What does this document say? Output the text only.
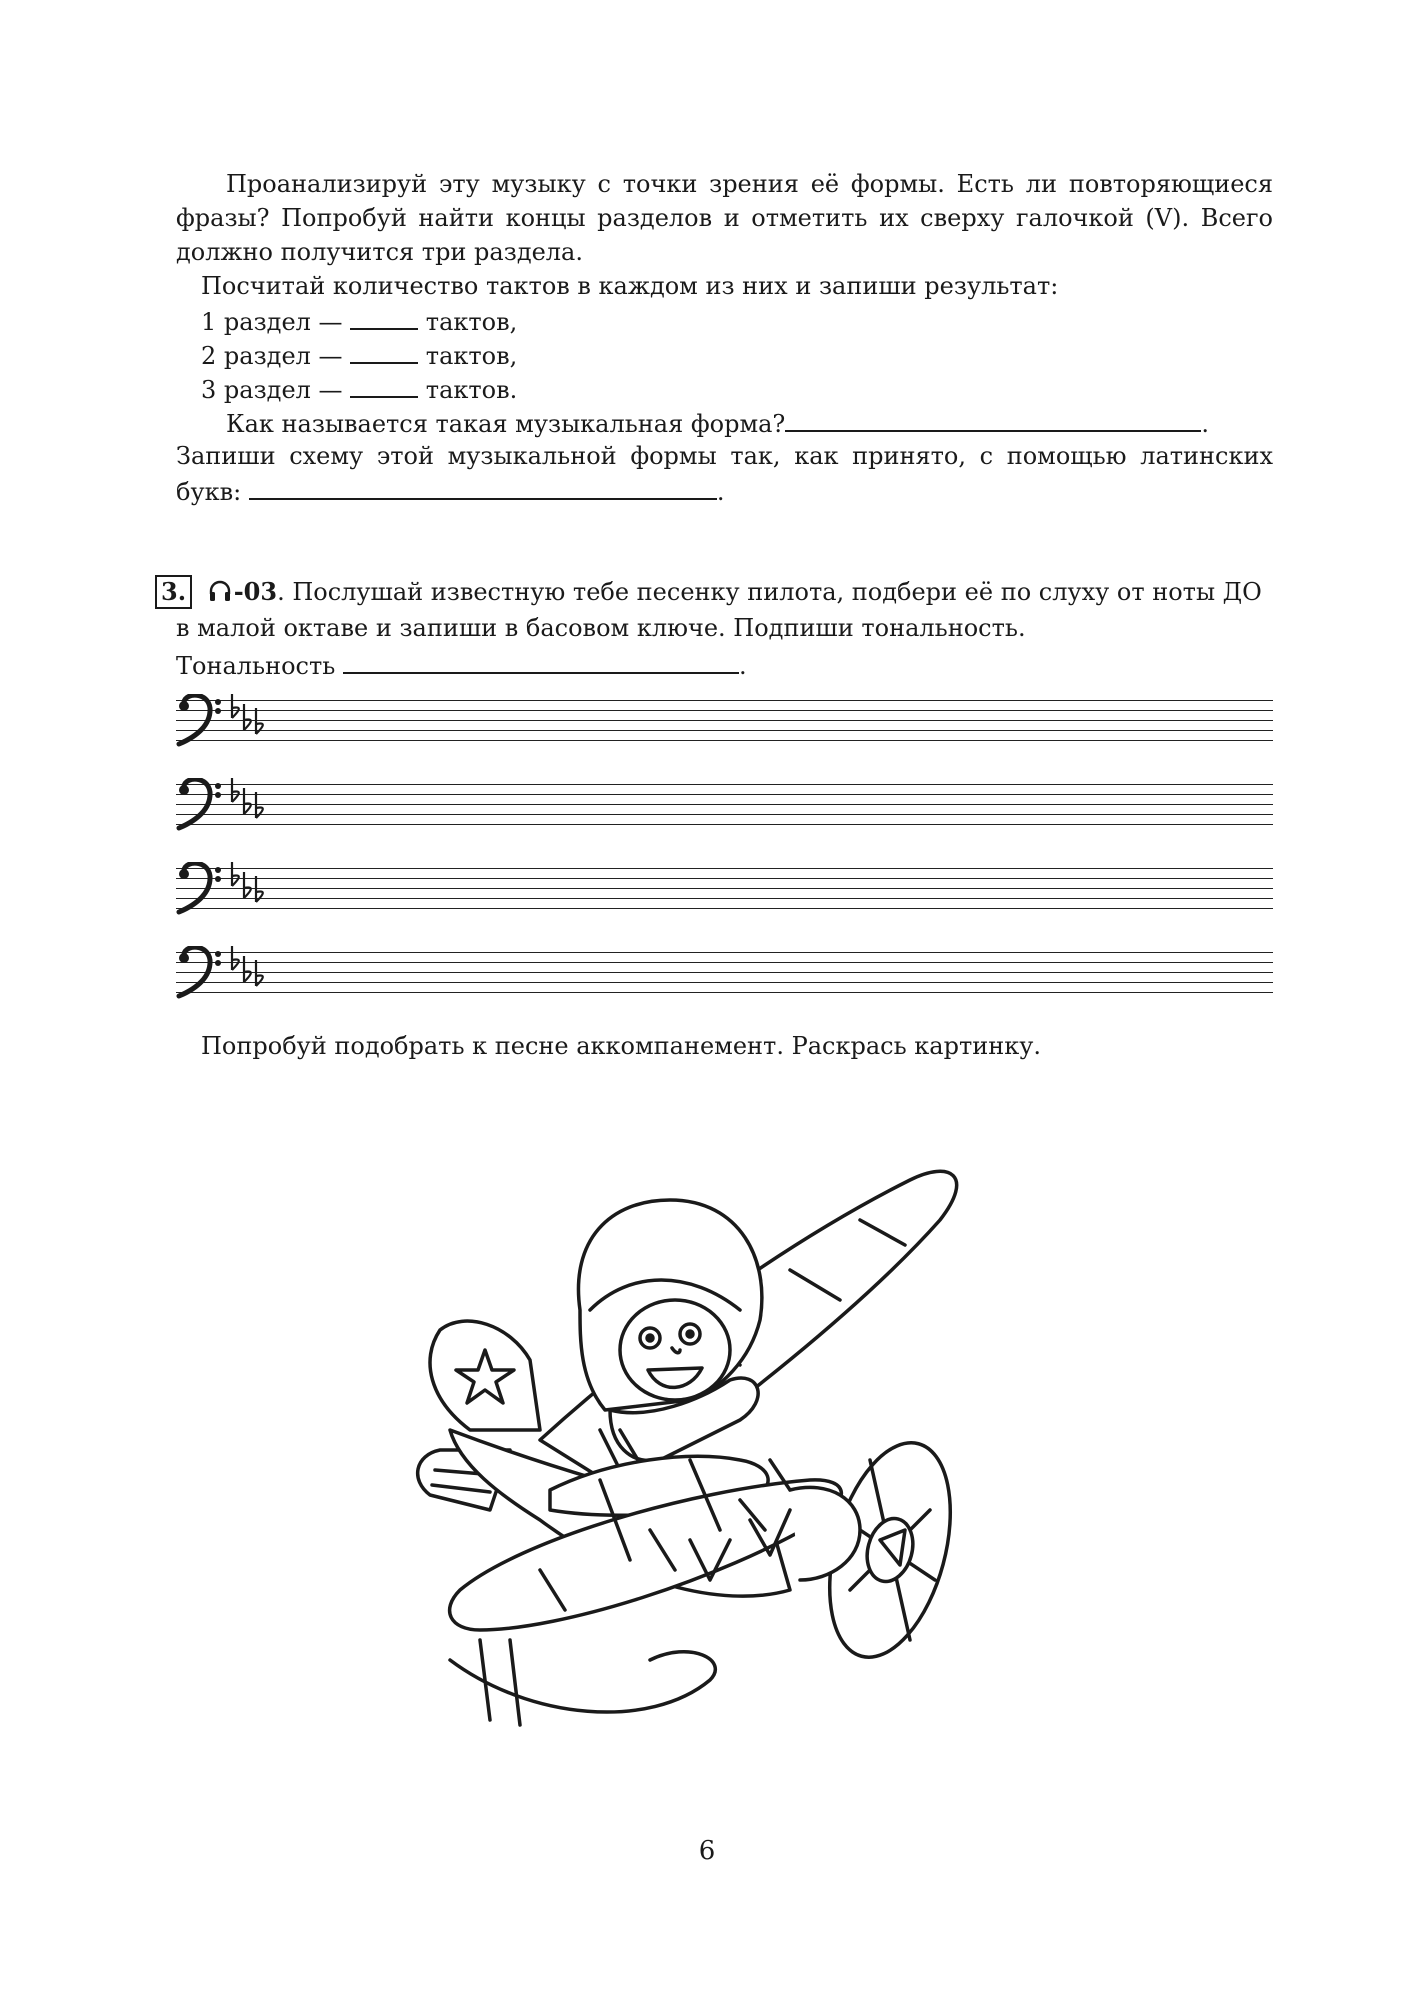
Проанализируй эту музыку с точки зрения её формы. Есть ли повторяющиеся
фразы? Попробуй найти концы разделов и отметить их сверху галочкой (V). Всего
должно получится три раздела.
Посчитай количество тактов в каждом из них и запиши результат:
1 раздел —	тактов,
2 раздел —	тактов,
3 раздел —	тактов.
Как называется такая музыкальная форма?	.
Запиши схему этой музыкальной формы так, как принято, с помощью латинских
букв:	.
3. -03. Послушай известную тебе песенку пилота, подбери её по слуху от ноты ДО
в малой октаве и запиши в басовом ключе. Подпиши тональность.
Тональность	.
Попробуй подобрать к песне аккомпанемент. Раскрась картинку.
6
